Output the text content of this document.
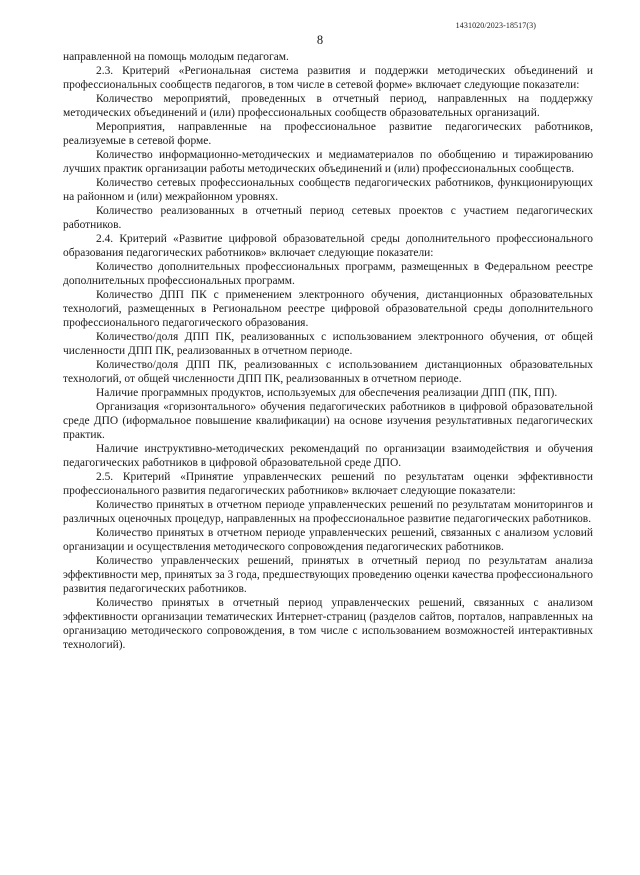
1431020/2023-18517(3)
8

направленной на помощь молодым педагогам.

2.3. Критерий «Региональная система развития и поддержки методических объединений и профессиональных сообществ педагогов, в том числе в сетевой форме» включает следующие показатели:

Количество мероприятий, проведенных в отчетный период, направленных на поддержку методических объединений и (или) профессиональных сообществ образовательных организаций.

Мероприятия, направленные на профессиональное развитие педагогических работников, реализуемые в сетевой форме.

Количество информационно-методических и медиаматериалов по обобщению и тиражированию лучших практик организации работы методических объединений и (или) профессиональных сообществ.

Количество сетевых профессиональных сообществ педагогических работников, функционирующих на районном и (или) межрайонном уровнях.

Количество реализованных в отчетный период сетевых проектов с участием педагогических работников.

2.4. Критерий «Развитие цифровой образовательной среды дополнительного профессионального образования педагогических работников» включает следующие показатели:

Количество дополнительных профессиональных программ, размещенных в Федеральном реестре дополнительных профессиональных программ.

Количество ДПП ПК с применением электронного обучения, дистанционных образовательных технологий, размещенных в Региональном реестре цифровой образовательной среды дополнительного профессионального педагогического образования.

Количество/доля ДПП ПК, реализованных с использованием электронного обучения, от общей численности ДПП ПК, реализованных в отчетном периоде.

Количество/доля ДПП ПК, реализованных с использованием дистанционных образовательных технологий, от общей численности ДПП ПК, реализованных в отчетном периоде.

Наличие программных продуктов, используемых для обеспечения реализации ДПП (ПК, ПП).

Организация «горизонтального» обучения педагогических работников в цифровой образовательной среде ДПО (иформальное повышение квалификации) на основе изучения результативных педагогических практик.

Наличие инструктивно-методических рекомендаций по организации взаимодействия и обучения педагогических работников в цифровой образовательной среде ДПО.

2.5. Критерий «Принятие управленческих решений по результатам оценки эффективности профессионального развития педагогических работников» включает следующие показатели:

Количество принятых в отчетном периоде управленческих решений по результатам мониторингов и различных оценочных процедур, направленных на профессиональное развитие педагогических работников.

Количество принятых в отчетном периоде управленческих решений, связанных с анализом условий организации и осуществления методического сопровождения педагогических работников.

Количество управленческих решений, принятых в отчетный период по результатам анализа эффективности мер, принятых за 3 года, предшествующих проведению оценки качества профессионального развития педагогических работников.

Количество принятых в отчетный период управленческих решений, связанных с анализом эффективности организации тематических Интернет-страниц (разделов сайтов, порталов, направленных на организацию методического сопровождения, в том числе с использованием возможностей интерактивных технологий).
